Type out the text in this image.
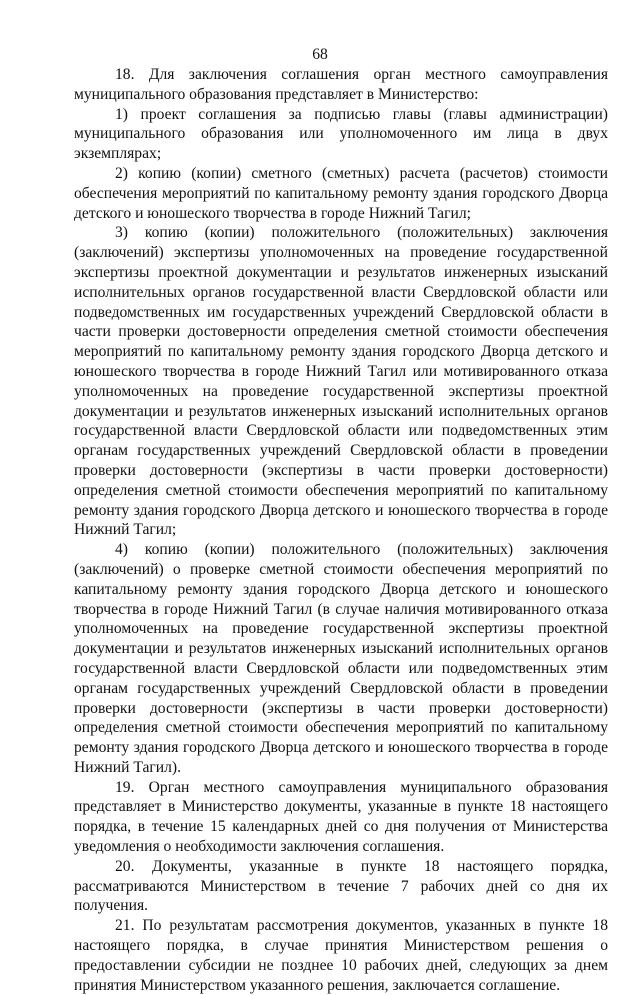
68

18. Для заключения соглашения орган местного самоуправления муниципального образования представляет в Министерство:

1) проект соглашения за подписью главы (главы администрации) муниципального образования или уполномоченного им лица в двух экземплярах;

2) копию (копии) сметного (сметных) расчета (расчетов) стоимости обеспечения мероприятий по капитальному ремонту здания городского Дворца детского и юношеского творчества в городе Нижний Тагил;

3) копию (копии) положительного (положительных) заключения (заключений) экспертизы уполномоченных на проведение государственной экспертизы проектной документации и результатов инженерных изысканий исполнительных органов государственной власти Свердловской области или подведомственных им государственных учреждений Свердловской области в части проверки достоверности определения сметной стоимости обеспечения мероприятий по капитальному ремонту здания городского Дворца детского и юношеского творчества в городе Нижний Тагил или мотивированного отказа уполномоченных на проведение государственной экспертизы проектной документации и результатов инженерных изысканий исполнительных органов государственной власти Свердловской области или подведомственных этим органам государственных учреждений Свердловской области в проведении проверки достоверности (экспертизы в части проверки достоверности) определения сметной стоимости обеспечения мероприятий по капитальному ремонту здания городского Дворца детского и юношеского творчества в городе Нижний Тагил;

4) копию (копии) положительного (положительных) заключения (заключений) о проверке сметной стоимости обеспечения мероприятий по капитальному ремонту здания городского Дворца детского и юношеского творчества в городе Нижний Тагил (в случае наличия мотивированного отказа уполномоченных на проведение государственной экспертизы проектной документации и результатов инженерных изысканий исполнительных органов государственной власти Свердловской области или подведомственных этим органам государственных учреждений Свердловской области в проведении проверки достоверности (экспертизы в части проверки достоверности) определения сметной стоимости обеспечения мероприятий по капитальному ремонту здания городского Дворца детского и юношеского творчества в городе Нижний Тагил).

19. Орган местного самоуправления муниципального образования представляет в Министерство документы, указанные в пункте 18 настоящего порядка, в течение 15 календарных дней со дня получения от Министерства уведомления о необходимости заключения соглашения.

20. Документы, указанные в пункте 18 настоящего порядка, рассматриваются Министерством в течение 7 рабочих дней со дня их получения.

21. По результатам рассмотрения документов, указанных в пункте 18 настоящего порядка, в случае принятия Министерством решения о предоставлении субсидии не позднее 10 рабочих дней, следующих за днем принятия Министерством указанного решения, заключается соглашение.
